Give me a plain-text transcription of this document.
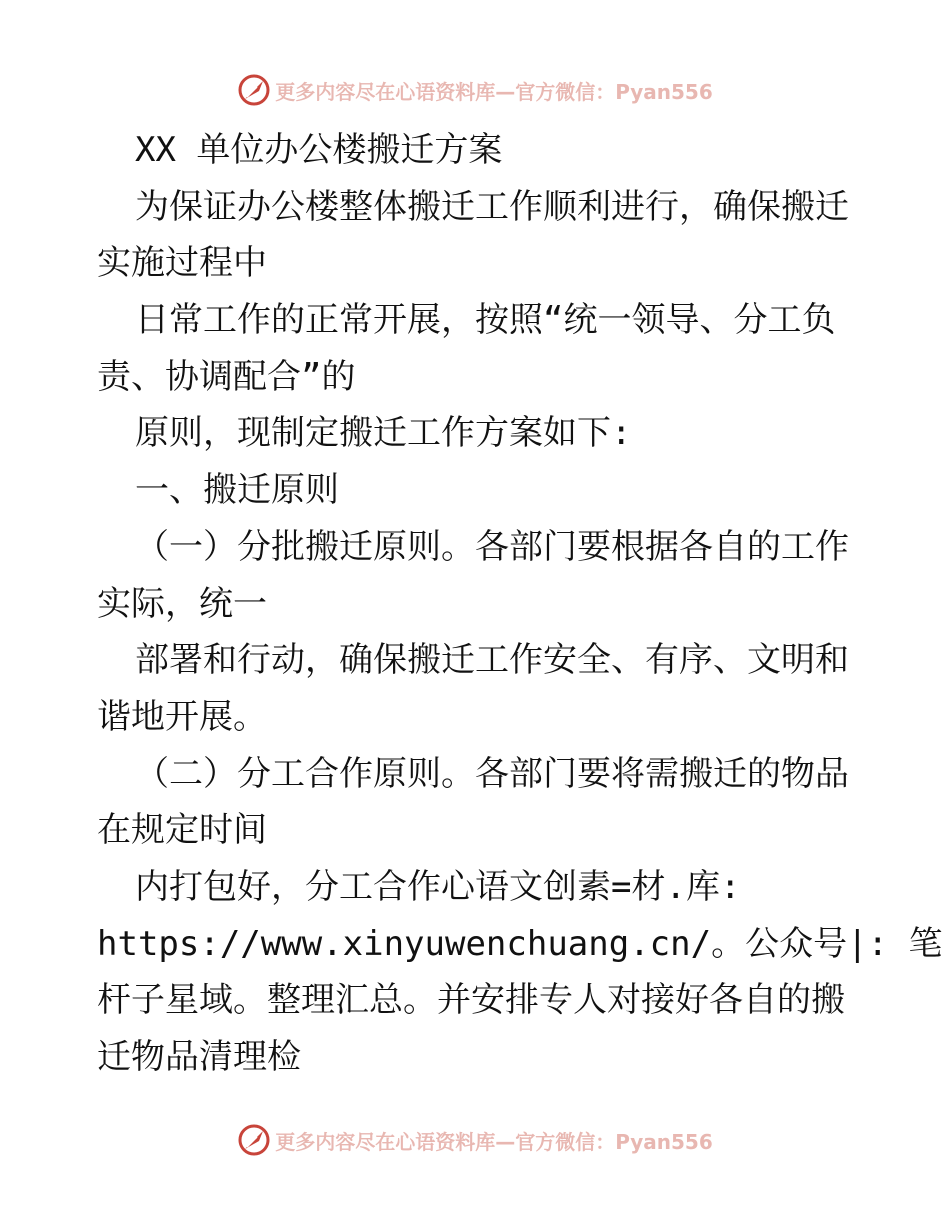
更多内容尽在心语资料库—官方微信：Pyan556
XX 单位办公楼搬迁方案
为保证办公楼整体搬迁工作顺利进行，确保搬迁
实施过程中
日常工作的正常开展，按照“统一领导、分工负
责、协调配合”的
原则，现制定搬迁工作方案如下:
一、搬迁原则
（一）分批搬迁原则。各部门要根据各自的工作
实际，统一
部署和行动，确保搬迁工作安全、有序、文明和
谐地开展。
（二）分工合作原则。各部门要将需搬迁的物品
在规定时间
内打包好，分工合作心语文创素=材.库:
https://www.xinyuwenchuang.cn/。公众号|: 笔
杆子星域。整理汇总。并安排专人对接好各自的搬
迁物品清理检
更多内容尽在心语资料库—官方微信：Pyan556
